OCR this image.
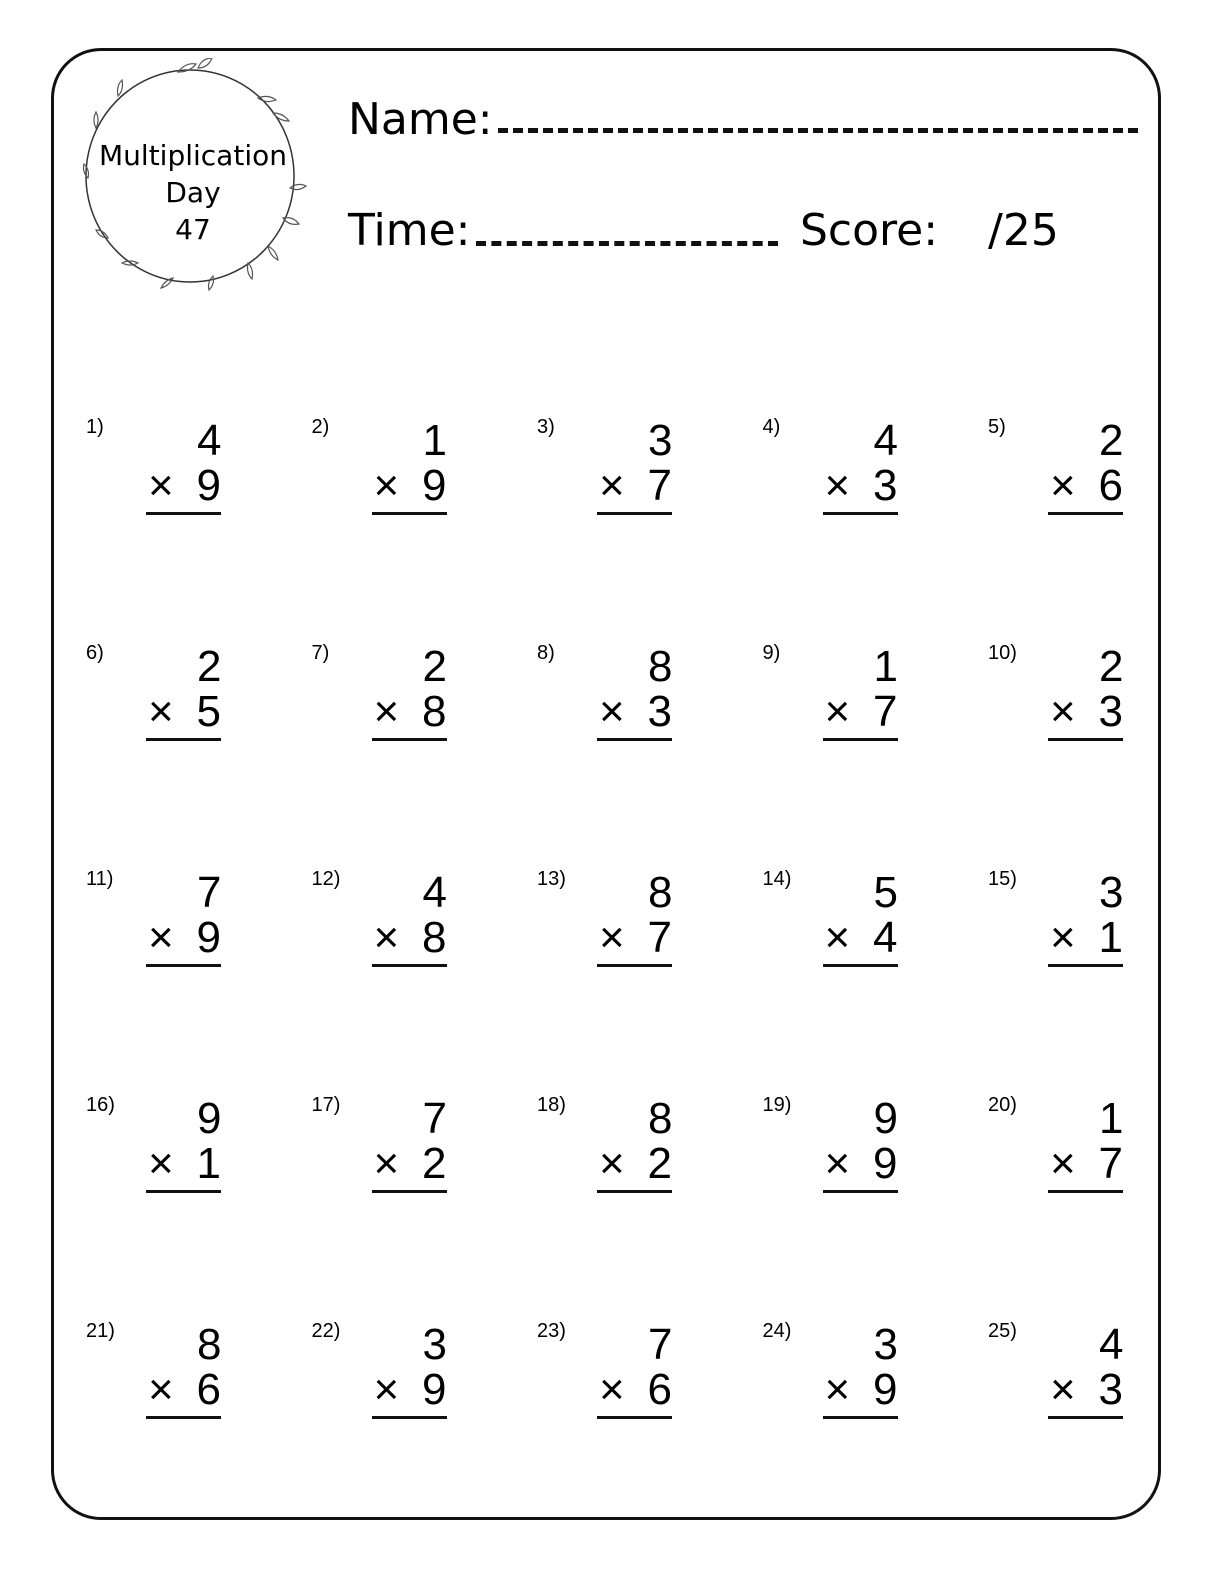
Multiplication
Day
47
Name:
Time:	Score: /25
1) 4
× 9
2) 1
× 9
3) 3
× 7
4) 4
× 3
5) 2
× 6
6) 2
× 5
7) 2
× 8
8) 8
× 3
9) 1
× 7
10) 2
× 3
11) 7
× 9
12) 4
× 8
13) 8
× 7
14) 5
× 4
15) 3
× 1
16) 9
× 1
17) 7
× 2
18) 8
× 2
19) 9
× 9
20) 1
× 7
21) 8
× 6
22) 3
× 9
23) 7
× 6
24) 3
× 9
25) 4
× 3
